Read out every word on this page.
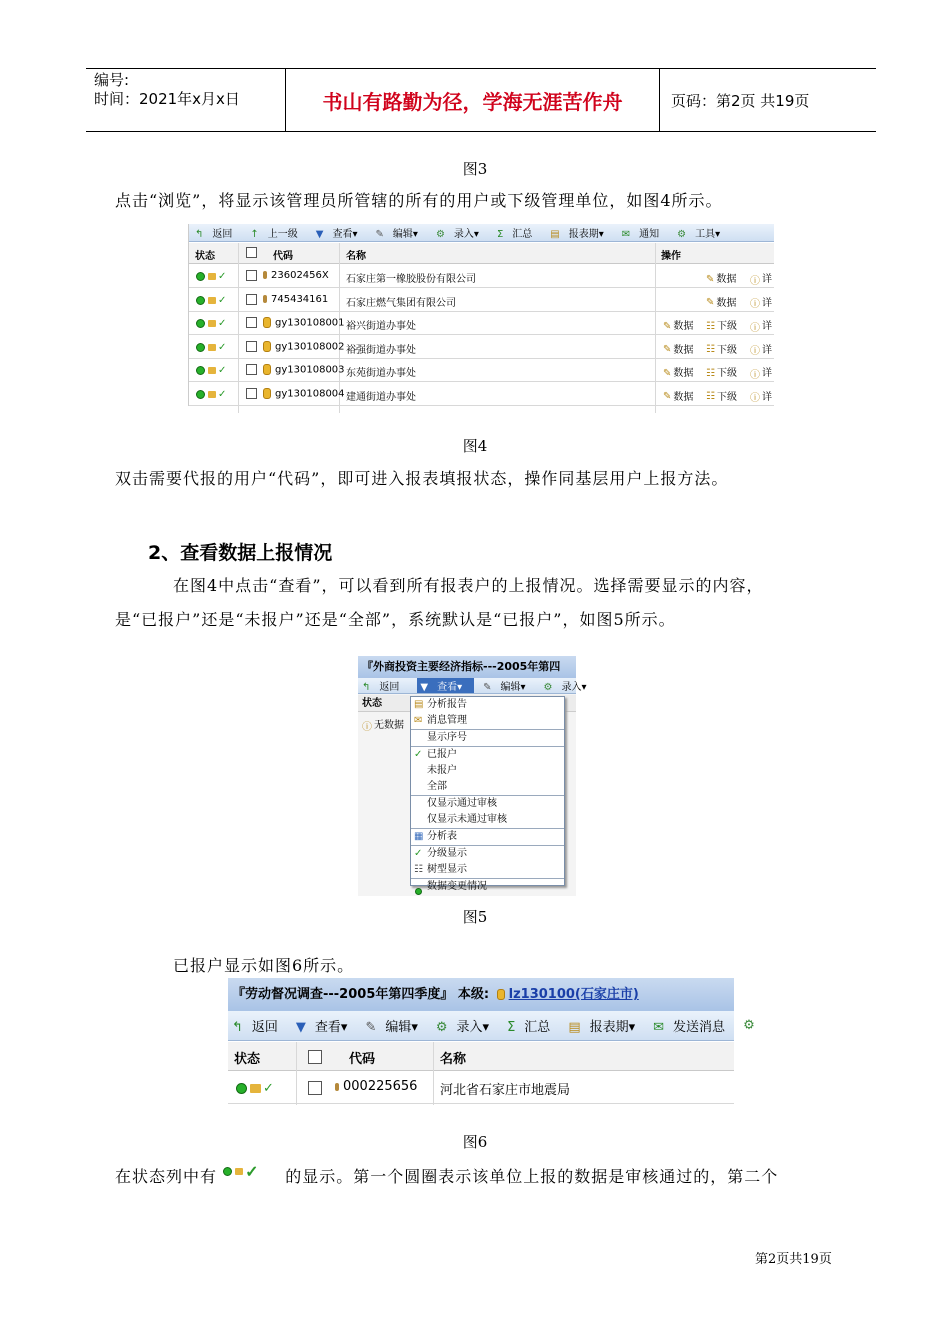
编号:
时间：2021年x月x日	书山有路勤为径，学海无涯苦作舟	页码：第2页 共19页
图3
点击“浏览”，将显示该管理员所管辖的所有的用户或下级管理单位，如图4所示。
↰ 返回	↑ 上一级	▼ 查看▾	✎ 编辑▾	⚙ 录入▾	Σ 汇总	▤ 报表期▾	✉ 通知	⚙ 工具▾
状态	代码	名称	操作
✓	23602456X 石家庄第一橡胶股份有限公司	✎ 数据 ⓘ 详
✓	745434161 石家庄燃气集团有限公司	✎ 数据 ⓘ 详
✓	gy130108001 裕兴街道办事处	✎ 数据 ☷ 下级 ⓘ 详
✓	gy130108002 裕强街道办事处	✎ 数据 ☷ 下级 ⓘ 详
✓	gy130108003 东苑街道办事处	✎ 数据 ☷ 下级 ⓘ 详
✓	gy130108004 建通街道办事处	✎ 数据 ☷ 下级 ⓘ 详
图4
双击需要代报的用户“代码”，即可进入报表填报状态，操作同基层用户上报方法。
2、查看数据上报情况
在图4中点击“查看”，可以看到所有报表户的上报情况。选择需要显示的内容，
是“已报户”还是“未报户”还是“全部”，系统默认是“已报户”，如图5所示。
『外商投资主要经济指标---2005年第四
↰ 返回	▼ 查看▾	✎ 编辑▾	⚙ 录入▾
状态
ⓘ 无数据
▤ 分析报告
✉ 消息管理
显示序号
✓ 已报户
未报户
全部
仅显示通过审核
仅显示未通过审核
▦ 分析表
✓ 分级显示
☷ 树型显示
数据变更情况
图5
已报户显示如图6所示。
『劳动督况调查---2005年第四季度』 本级: lz130100(石家庄市)
↰ 返回	▼ 查看▾	✎ 编辑▾	⚙ 录入▾	Σ 汇总	▤ 报表期▾	✉ 发送消息	⚙
状态	代码	名称
✓	000225656 河北省石家庄市地震局
图6
在状态列中有 ✓ 的显示。第一个圆圈表示该单位上报的数据是审核通过的，第二个
第2页共19页
